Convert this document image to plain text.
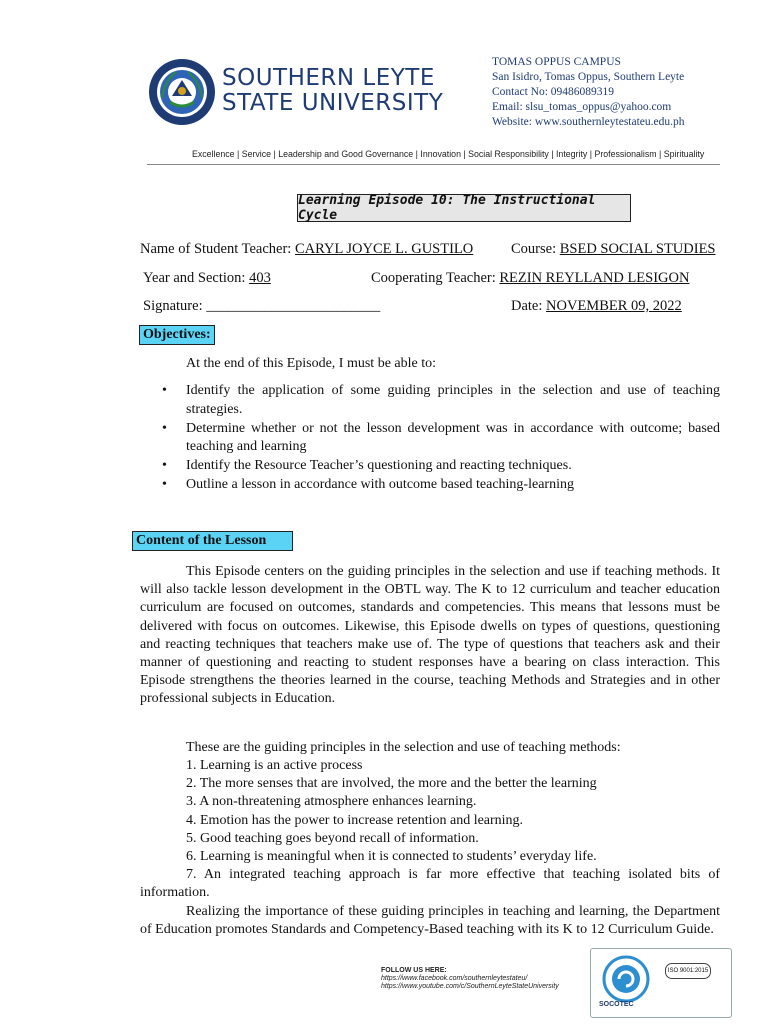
SOUTHERN LEYTE
STATE UNIVERSITY
TOMAS OPPUS CAMPUS
San Isidro, Tomas Oppus, Southern Leyte
Contact No: 09486089319
Email: slsu_tomas_oppus@yahoo.com
Website: www.southernleytestateu.edu.ph
Excellence | Service | Leadership and Good Governance | Innovation | Social Responsibility | Integrity | Professionalism | Spirituality
Learning Episode 10: The Instructional Cycle
Name of Student Teacher: CARYL JOYCE L. GUSTILO	Course: BSED SOCIAL STUDIES
Year and Section: 403	Cooperating Teacher: REZIN REYLLAND LESIGON
Signature: ________________________	Date: NOVEMBER 09, 2022
Objectives:
At the end of this Episode, I must be able to:
• Identify the application of some guiding principles in the selection and use of teaching strategies.
• Determine whether or not the lesson development was in accordance with outcome; based teaching and learning
• Identify the Resource Teacher’s questioning and reacting techniques.
• Outline a lesson in accordance with outcome based teaching-learning
Content of the Lesson
This Episode centers on the guiding principles in the selection and use if teaching methods. It will also tackle lesson development in the OBTL way. The K to 12 curriculum and teacher education curriculum are focused on outcomes, standards and competencies. This means that lessons must be delivered with focus on outcomes. Likewise, this Episode dwells on types of questions, questioning and reacting techniques that teachers make use of. The type of questions that teachers ask and their manner of questioning and reacting to student responses have a bearing on class interaction. This Episode strengthens the theories learned in the course, teaching Methods and Strategies and in other professional subjects in Education.
These are the guiding principles in the selection and use of teaching methods:
1. Learning is an active process
2. The more senses that are involved, the more and the better the learning
3. A non-threatening atmosphere enhances learning.
4. Emotion has the power to increase retention and learning.
5. Good teaching goes beyond recall of information.
6. Learning is meaningful when it is connected to students’ everyday life.
7. An integrated teaching approach is far more effective that teaching isolated bits of information.
Realizing the importance of these guiding principles in teaching and learning, the Department of Education promotes Standards and Competency-Based teaching with its K to 12 Curriculum Guide.
FOLLOW US HERE:
https://www.facebook.com/southernleytestateu/
https://www.youtube.com/c/SouthernLeyteStateUniversity
SOCOTEC
ISO 9001:2015
